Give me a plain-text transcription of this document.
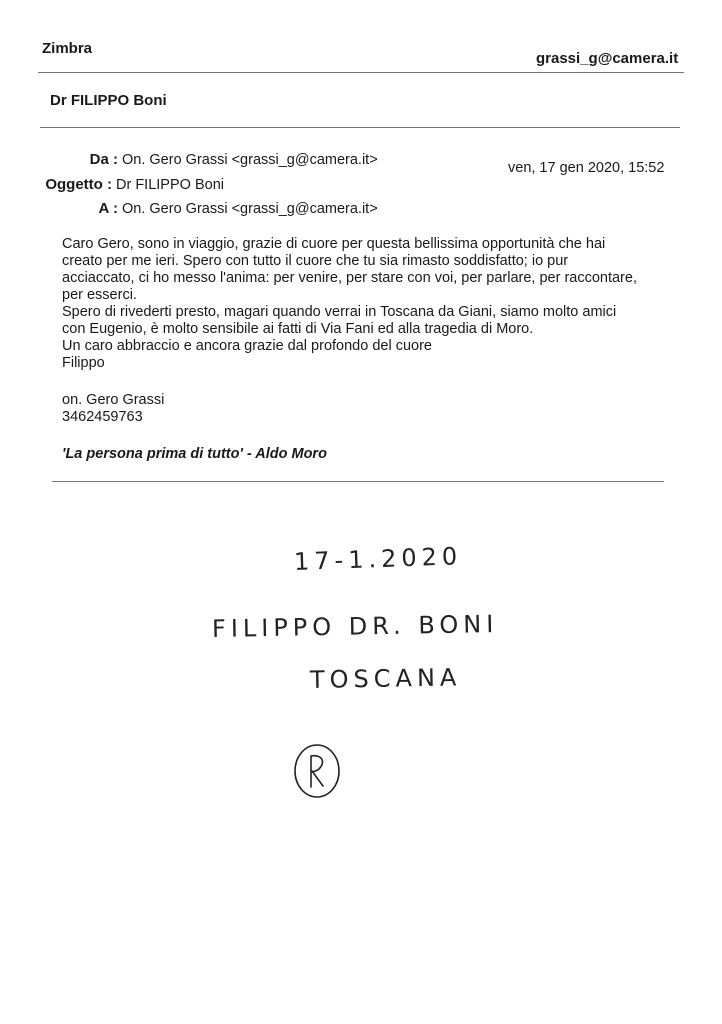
Zimbra
grassi_g@camera.it
Dr FILIPPO Boni
Da : On. Gero Grassi <grassi_g@camera.it>	ven, 17 gen 2020, 15:52
Oggetto : Dr FILIPPO Boni
A : On. Gero Grassi <grassi_g@camera.it>

Caro Gero, sono in viaggio, grazie di cuore per questa bellissima opportunità che hai

creato per me ieri. Spero con tutto il cuore che tu sia rimasto soddisfatto; io pur

acciaccato, ci ho messo l'anima: per venire, per stare con voi, per parlare, per raccontare,

per esserci.

Spero di rivederti presto, magari quando verrai in Toscana da Giani, siamo molto amici

con Eugenio, è molto sensibile ai fatti di Via Fani ed alla tragedia di Moro.

Un caro abbraccio e ancora grazie dal profondo del cuore

Filippo

on. Gero Grassi
3462459763
'La persona prima di tutto' - Aldo Moro
17-1.2020
FILIPPO DR. BONI
TOSCANA
